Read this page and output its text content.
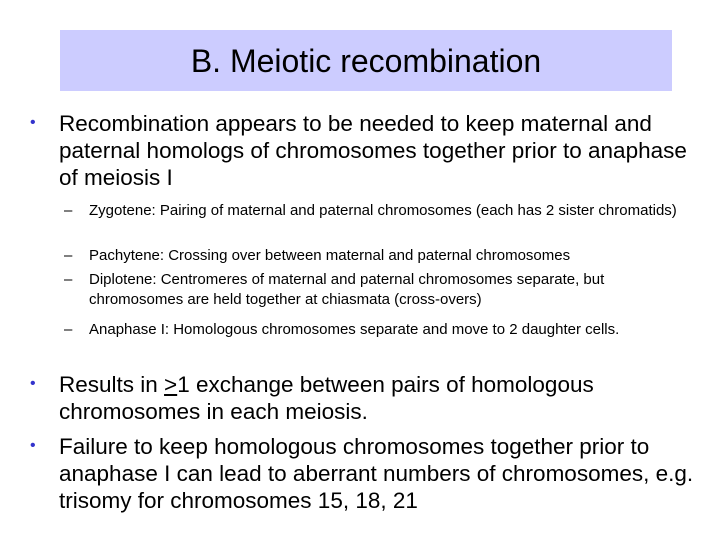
B. Meiotic recombination
• Recombination appears to be needed to keep maternal and paternal homologs of chromosomes together prior to anaphase of meiosis I
– Zygotene: Pairing of maternal and paternal chromosomes (each has 2 sister chromatids)
– Pachytene: Crossing over between maternal and paternal chromosomes
– Diplotene: Centromeres of maternal and paternal chromosomes separate, but chromosomes are held together at chiasmata (cross-overs)
– Anaphase I: Homologous chromosomes separate and move to 2 daughter cells.
• Results in ≥1 exchange between pairs of homologous chromosomes in each meiosis.
• Failure to keep homologous chromosomes together prior to anaphase I can lead to aberrant numbers of chromosomes, e.g. trisomy for chromosomes 15, 18, 21
